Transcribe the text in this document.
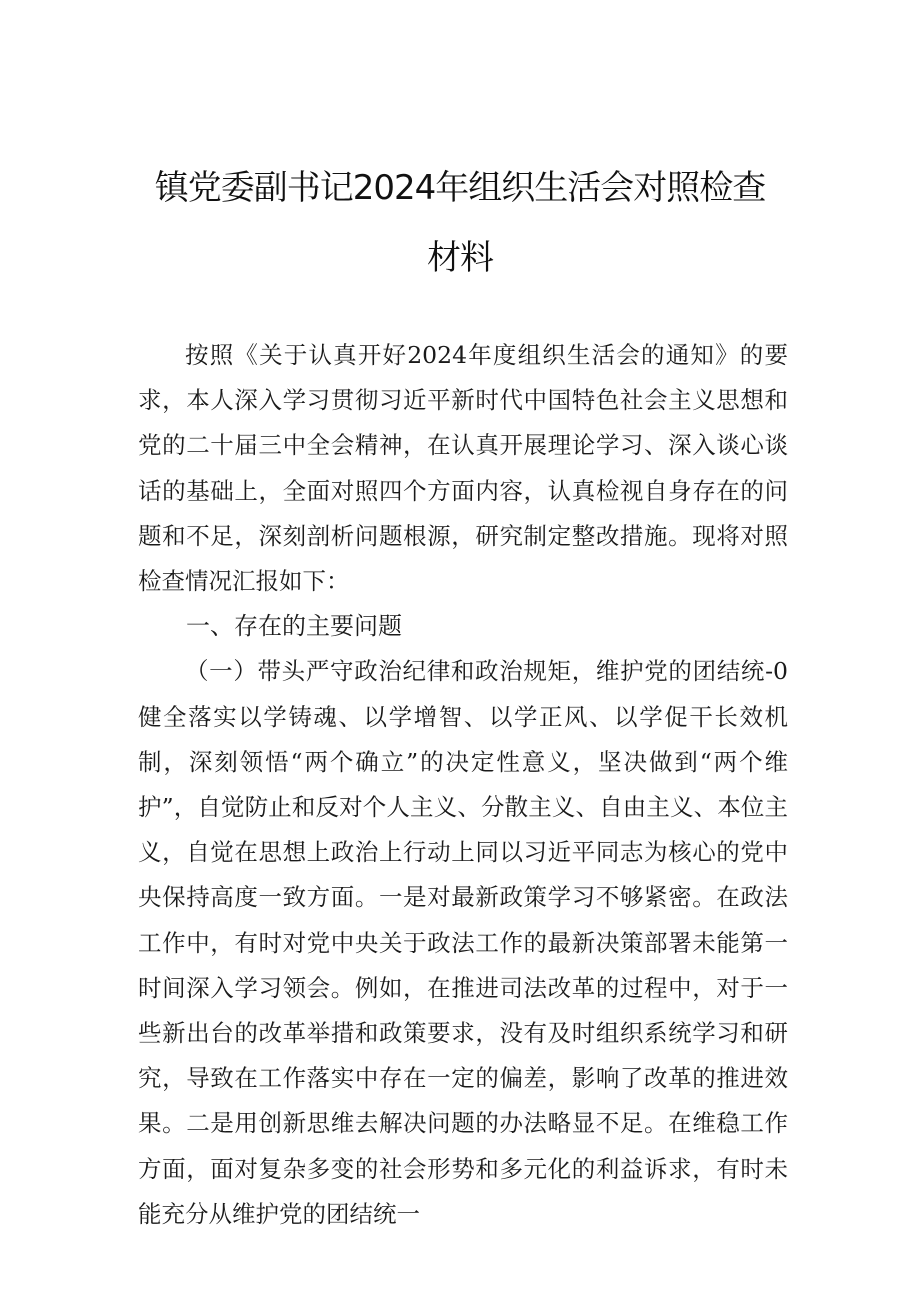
镇党委副书记2024年组织生活会对照检查
材料

按照《关于认真开好2024年度组织生活会的通知》的要求，本人深入学习贯彻习近平新时代中国特色社会主义思想和党的二十届三中全会精神，在认真开展理论学习、深入谈心谈话的基础上，全面对照四个方面内容，认真检视自身存在的问题和不足，深刻剖析问题根源，研究制定整改措施。现将对照检查情况汇报如下：

一、存在的主要问题

（一）带头严守政治纪律和政治规矩，维护党的团结统-0健全落实以学铸魂、以学增智、以学正风、以学促干长效机制，深刻领悟“两个确立”的决定性意义，坚决做到“两个维护”，自觉防止和反对个人主义、分散主义、自由主义、本位主义，自觉在思想上政治上行动上同以习近平同志为核心的党中央保持高度一致方面。一是对最新政策学习不够紧密。在政法工作中，有时对党中央关于政法工作的最新决策部署未能第一时间深入学习领会。例如，在推进司法改革的过程中，对于一些新出台的改革举措和政策要求，没有及时组织系统学习和研究，导致在工作落实中存在一定的偏差，影响了改革的推进效果。二是用创新思维去解决问题的办法略显不足。在维稳工作方面，面对复杂多变的社会形势和多元化的利益诉求，有时未能充分从维护党的团结统一
